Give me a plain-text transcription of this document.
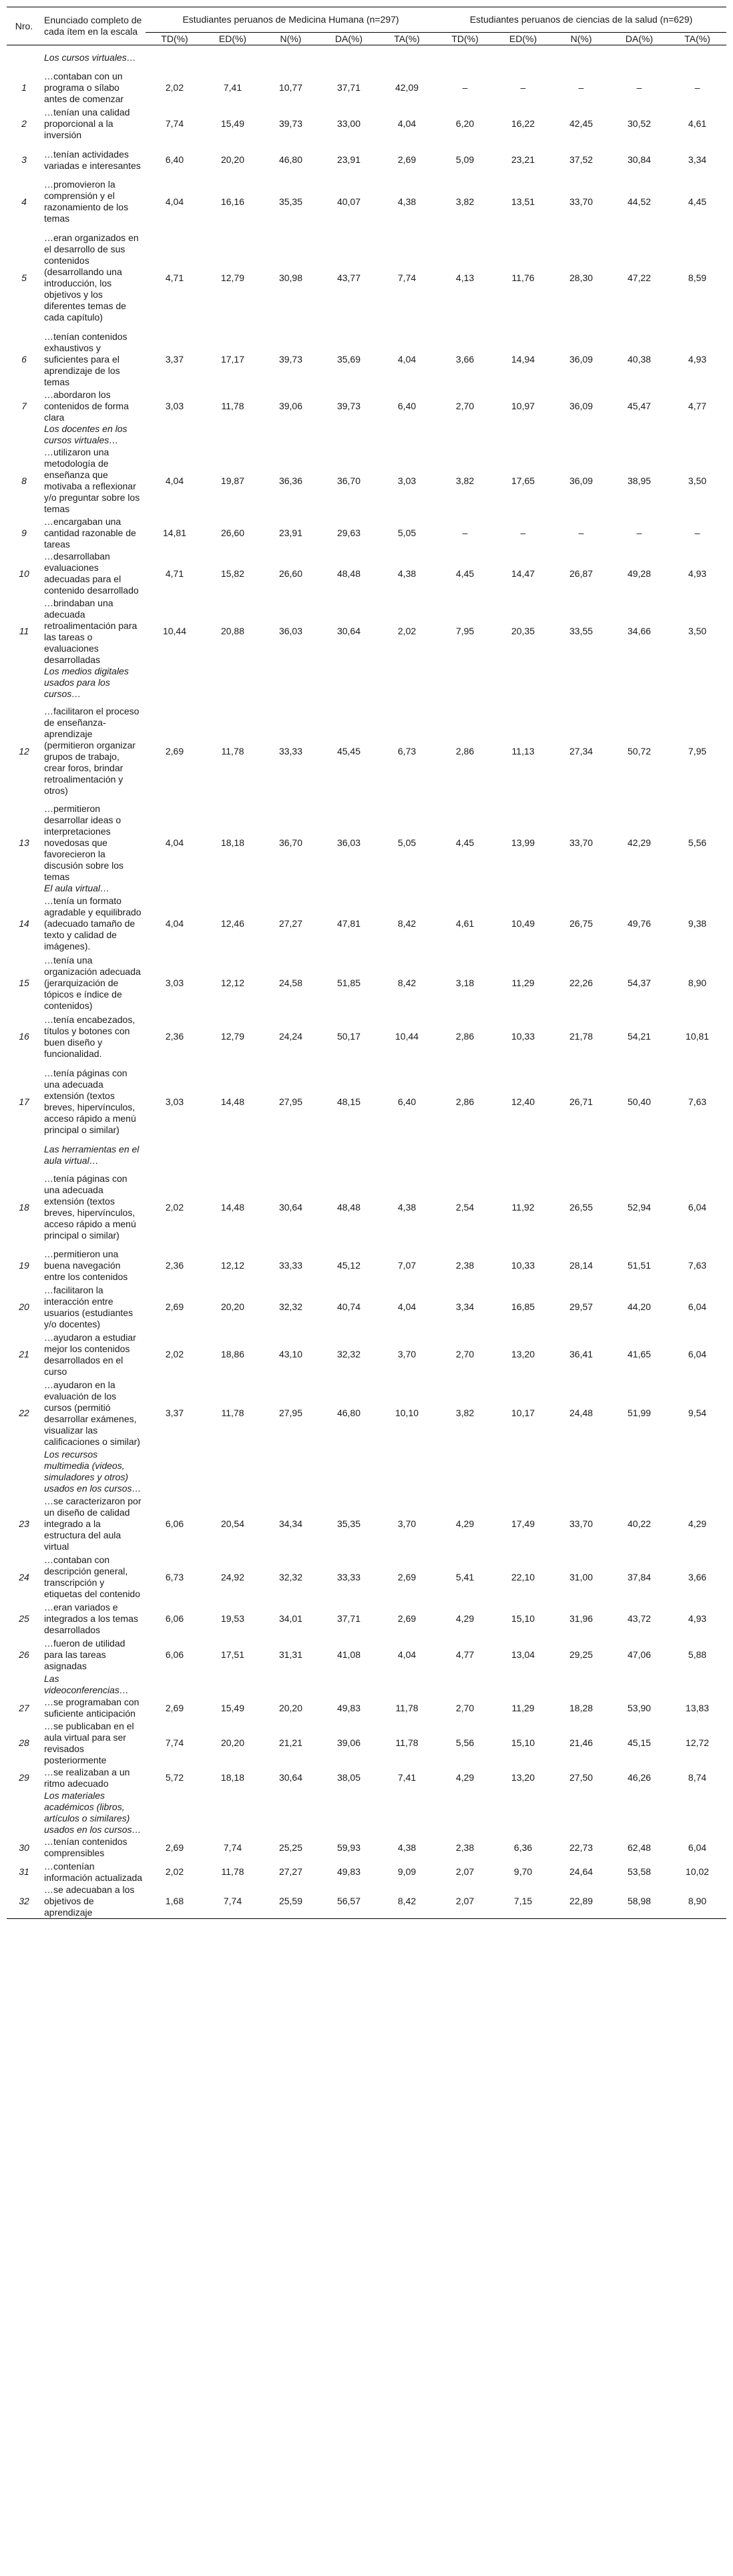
Nro.	Enunciado completo de cada ítem en la escala	Estudiantes peruanos de Medicina Humana (n=297)					Estudiantes peruanos de ciencias de la salud (n=629)				
		TD(%)	ED(%)	N(%)	DA(%)	TA(%)	TD(%)	ED(%)	N(%)	DA(%)	TA(%)
	Los cursos virtuales…										
1	…contaban con un programa o sílabo antes de comenzar	2,02	7,41	10,77	37,71	42,09	–	–	–	–	–
2	…tenían una calidad proporcional a la inversión	7,74	15,49	39,73	33,00	4,04	6,20	16,22	42,45	30,52	4,61
3	…tenían actividades variadas e interesantes	6,40	20,20	46,80	23,91	2,69	5,09	23,21	37,52	30,84	3,34
4	…promovieron la comprensión y el razonamiento de los temas	4,04	16,16	35,35	40,07	4,38	3,82	13,51	33,70	44,52	4,45
5	…eran organizados en el desarrollo de sus contenidos (desarrollando una introducción, los objetivos y los diferentes temas de cada capítulo)	4,71	12,79	30,98	43,77	7,74	4,13	11,76	28,30	47,22	8,59
6	…tenían contenidos exhaustivos y suficientes para el aprendizaje de los temas	3,37	17,17	39,73	35,69	4,04	3,66	14,94	36,09	40,38	4,93
7	…abordaron los contenidos de forma clara	3,03	11,78	39,06	39,73	6,40	2,70	10,97	36,09	45,47	4,77
	Los docentes en los cursos virtuales…										
8	…utilizaron una metodología de enseñanza que motivaba a reflexionar y/o preguntar sobre los temas	4,04	19,87	36,36	36,70	3,03	3,82	17,65	36,09	38,95	3,50
9	…encargaban una cantidad razonable de tareas	14,81	26,60	23,91	29,63	5,05	–	–	–	–	–
10	…desarrollaban evaluaciones adecuadas para el contenido desarrollado	4,71	15,82	26,60	48,48	4,38	4,45	14,47	26,87	49,28	4,93
11	…brindaban una adecuada retroalimentación para las tareas o evaluaciones desarrolladas	10,44	20,88	36,03	30,64	2,02	7,95	20,35	33,55	34,66	3,50
	Los medios digitales usados para los cursos…										
12	…facilitaron el proceso de enseñanza-aprendizaje (permitieron organizar grupos de trabajo, crear foros, brindar retroalimentación y otros)	2,69	11,78	33,33	45,45	6,73	2,86	11,13	27,34	50,72	7,95
13	…permitieron desarrollar ideas o interpretaciones novedosas que favorecieron la discusión sobre los temas	4,04	18,18	36,70	36,03	5,05	4,45	13,99	33,70	42,29	5,56
	El aula virtual…										
14	…tenía un formato agradable y equilibrado (adecuado tamaño de texto y calidad de imágenes).	4,04	12,46	27,27	47,81	8,42	4,61	10,49	26,75	49,76	9,38
15	…tenía una organización adecuada (jerarquización de tópicos e índice de contenidos)	3,03	12,12	24,58	51,85	8,42	3,18	11,29	22,26	54,37	8,90
16	…tenía encabezados, títulos y botones con buen diseño y funcionalidad.	2,36	12,79	24,24	50,17	10,44	2,86	10,33	21,78	54,21	10,81
17	…tenía páginas con una adecuada extensión (textos breves, hipervínculos, acceso rápido a menú principal o similar)	3,03	14,48	27,95	48,15	6,40	2,86	12,40	26,71	50,40	7,63
	Las herramientas en el aula virtual…										
18	…tenía páginas con una adecuada extensión (textos breves, hipervínculos, acceso rápido a menú principal o similar)	2,02	14,48	30,64	48,48	4,38	2,54	11,92	26,55	52,94	6,04
19	…permitieron una buena navegación entre los contenidos	2,36	12,12	33,33	45,12	7,07	2,38	10,33	28,14	51,51	7,63
20	…facilitaron la interacción entre usuarios (estudiantes y/o docentes)	2,69	20,20	32,32	40,74	4,04	3,34	16,85	29,57	44,20	6,04
21	…ayudaron a estudiar mejor los contenidos desarrollados en el curso	2,02	18,86	43,10	32,32	3,70	2,70	13,20	36,41	41,65	6,04
22	…ayudaron en la evaluación de los cursos (permitió desarrollar exámenes, visualizar las calificaciones o similar)	3,37	11,78	27,95	46,80	10,10	3,82	10,17	24,48	51,99	9,54
	Los recursos multimedia (videos, simuladores y otros) usados en los cursos…										
23	…se caracterizaron por un diseño de calidad integrado a la estructura del aula virtual	6,06	20,54	34,34	35,35	3,70	4,29	17,49	33,70	40,22	4,29
24	…contaban con descripción general, transcripción y etiquetas del contenido	6,73	24,92	32,32	33,33	2,69	5,41	22,10	31,00	37,84	3,66
25	…eran variados e integrados a los temas desarrollados	6,06	19,53	34,01	37,71	2,69	4,29	15,10	31,96	43,72	4,93
26	…fueron de utilidad para las tareas asignadas	6,06	17,51	31,31	41,08	4,04	4,77	13,04	29,25	47,06	5,88
	Las videoconferencias…										
27	…se programaban con suficiente anticipación	2,69	15,49	20,20	49,83	11,78	2,70	11,29	18,28	53,90	13,83
28	…se publicaban en el aula virtual para ser revisados posteriormente	7,74	20,20	21,21	39,06	11,78	5,56	15,10	21,46	45,15	12,72
29	…se realizaban a un ritmo adecuado	5,72	18,18	30,64	38,05	7,41	4,29	13,20	27,50	46,26	8,74
	Los materiales académicos (libros, artículos o similares) usados en los cursos…										
30	…tenían contenidos comprensibles	2,69	7,74	25,25	59,93	4,38	2,38	6,36	22,73	62,48	6,04
31	…contenían información actualizada	2,02	11,78	27,27	49,83	9,09	2,07	9,70	24,64	53,58	10,02
32	…se adecuaban a los objetivos de aprendizaje	1,68	7,74	25,59	56,57	8,42	2,07	7,15	22,89	58,98	8,90
